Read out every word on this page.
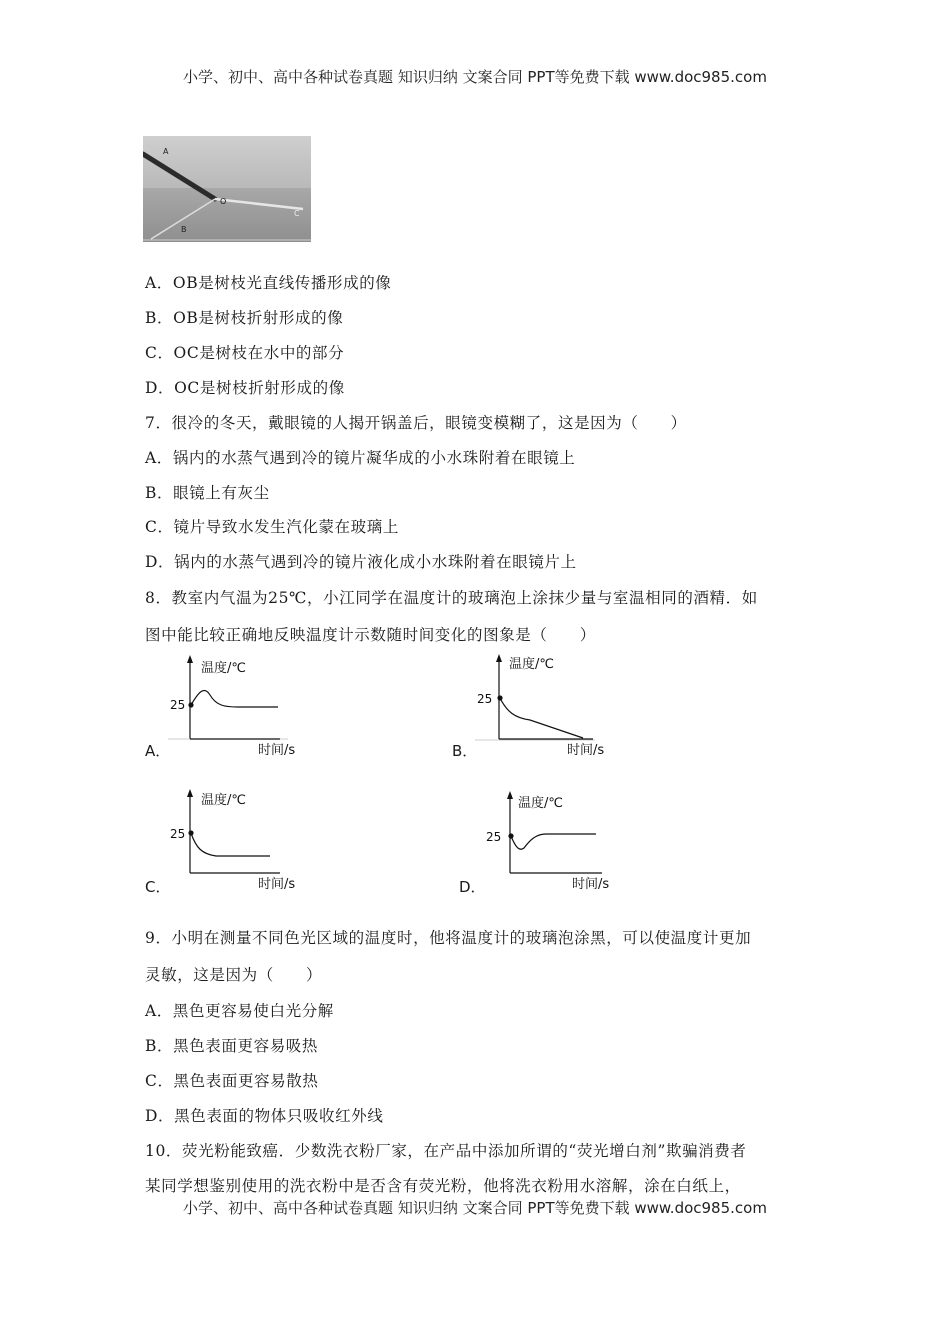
小学、初中、高中各种试卷真题 知识归纳 文案合同 PPT等免费下载 www.doc985.com
A
O
B
C
A．OB是树枝光直线传播形成的像
B．OB是树枝折射形成的像
C．OC是树枝在水中的部分
D．OC是树枝折射形成的像
7．很冷的冬天，戴眼镜的人揭开锅盖后，眼镜变模糊了，这是因为（　　）
A．锅内的水蒸气遇到冷的镜片凝华成的小水珠附着在眼镜上
B．眼镜上有灰尘
C．镜片导致水发生汽化蒙在玻璃上
D．锅内的水蒸气遇到冷的镜片液化成小水珠附着在眼镜片上
8．教室内气温为25℃，小江同学在温度计的玻璃泡上涂抹少量与室温相同的酒精．如
图中能比较正确地反映温度计示数随时间变化的图象是（　　）
A．
温度/℃
时间/s
25
B．
温度/℃
时间/s
25
C．
温度/℃
时间/s
25
D．
温度/℃
时间/s
25
9．小明在测量不同色光区域的温度时，他将温度计的玻璃泡涂黑，可以使温度计更加
灵敏，这是因为（　　）
A．黑色更容易使白光分解
B．黑色表面更容易吸热
C．黑色表面更容易散热
D．黑色表面的物体只吸收红外线
10．荧光粉能致癌．少数洗衣粉厂家，在产品中添加所谓的“荧光增白剂”欺骗消费者
某同学想鉴别使用的洗衣粉中是否含有荧光粉，他将洗衣粉用水溶解，涂在白纸上，
小学、初中、高中各种试卷真题 知识归纳 文案合同 PPT等免费下载 www.doc985.com
